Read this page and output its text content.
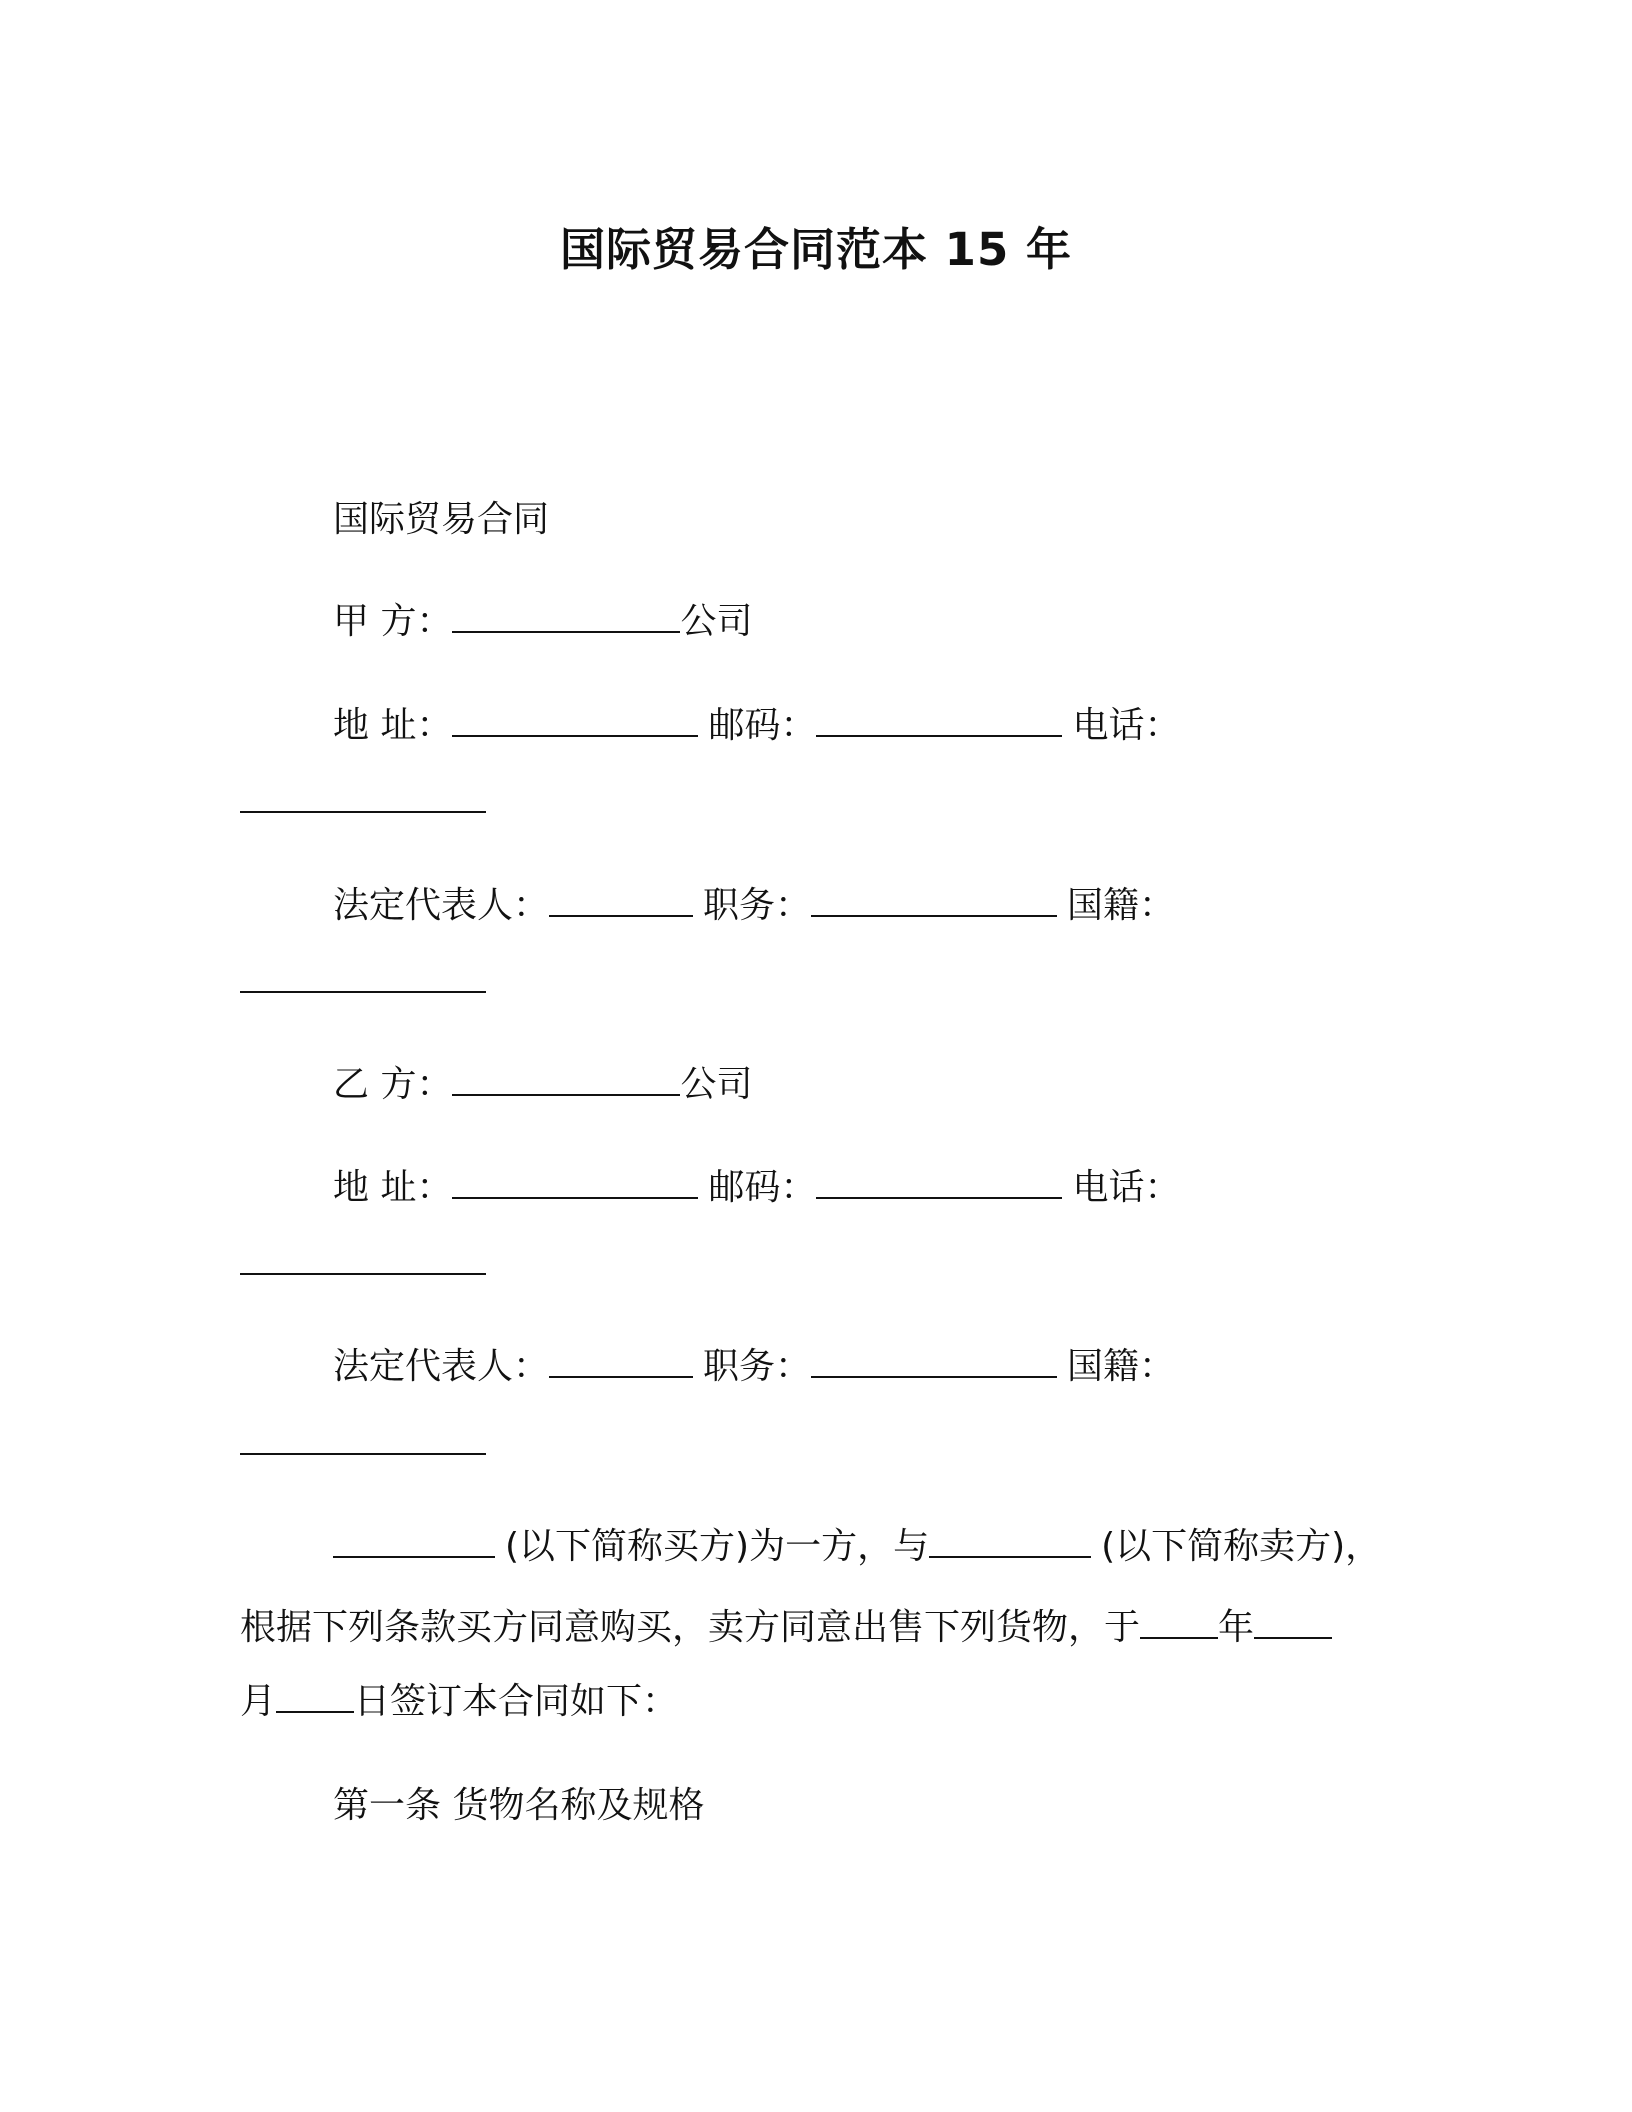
国际贸易合同范本 15 年
国际贸易合同
甲 方：	公司
地 址：	邮码：	电话：
法定代表人：	职务：	国籍：
乙 方：	公司
地 址：	邮码：	电话：
法定代表人：	职务：	国籍：
(以下简称买方)为一方，与	(以下简称卖方)，
根据下列条款买方同意购买，卖方同意出售下列货物，于 年
月 日签订本合同如下：
第一条 货物名称及规格
